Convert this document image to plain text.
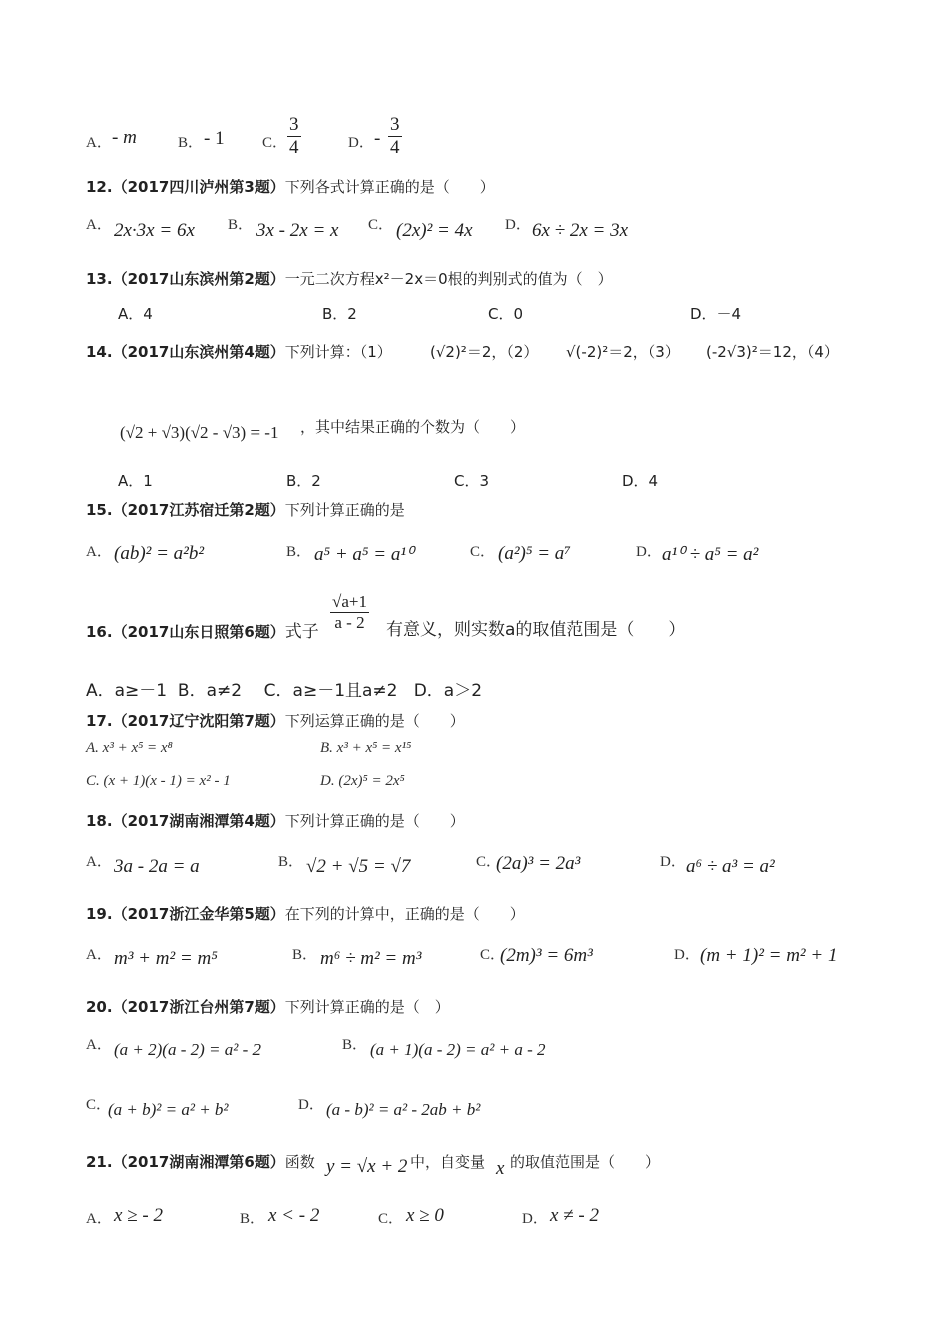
A． - m	B． - 1 C． $\frac{3}{4}$	D． - $\frac{3}{4}$
12.（2017四川泸州第3题）下列各式计算正确的是（　　）
A． 2x·3x = 6x B． 3x - 2x = x C． (2x)² = 4x D． 6x ÷ 2x = 3x
13.（2017山东滨州第2题）一元二次方程x²－2x＝0根的判别式的值为（　）
A．4	B．2	C．0	D．－4
14.（2017山东滨州第4题）下列计算：（1）	(√2)²＝2，（2） √(-2)²＝2，（3） (-2√3)²＝12，（4）
(√2 + √3)(√2 - √3) = -1 ，其中结果正确的个数为（　　）
A．1	B．2	C．3	D．4
15.（2017江苏宿迁第2题）下列计算正确的是
A． (ab)² = a²b²	B． a⁵ + a⁵ = a¹⁰	C． (a²)⁵ = a⁷	D． a¹⁰ ÷ a⁵ = a²
16.（2017山东日照第6题）式子 $\frac{√a+1}{a - 2}$ 有意义，则实数a的取值范围是（　　）
A．a≥－1  B．a≠2    C．a≥－1且a≠2   D．a＞2
17.（2017辽宁沈阳第7题）下列运算正确的是（　　）
A. x³ + x⁵ = x⁸	B. x³ + x⁵ = x¹⁵
C. (x + 1)(x - 1) = x² - 1	D. (2x)⁵ = 2x⁵
18.（2017湖南湘潭第4题）下列计算正确的是（　　）
A． 3a - 2a = a	B． √2 + √5 = √7	C．
(2a)³ = 2a³	D． a⁶ ÷ a³ = a²
19.（2017浙江金华第5题）在下列的计算中，正确的是（　　）
A． m³ + m² = m⁵	B． m⁶ ÷ m² = m³	C．
(2m)³ = 6m³	D． (m + 1)² = m² + 1
20.（2017浙江台州第7题）下列计算正确的是（　）
A． (a + 2)(a - 2) = a² - 2	B． (a + 1)(a - 2) = a² + a - 2
C．
(a + b)² = a² + b²	D． (a - b)² = a² - 2ab + b²
21.（2017湖南湘潭第6题）函数 y = √x + 2 中，自变量 x 的取值范围是（　　）
A． x ≥ - 2	B． x < - 2	C． x ≥ 0	D． x ≠ - 2
